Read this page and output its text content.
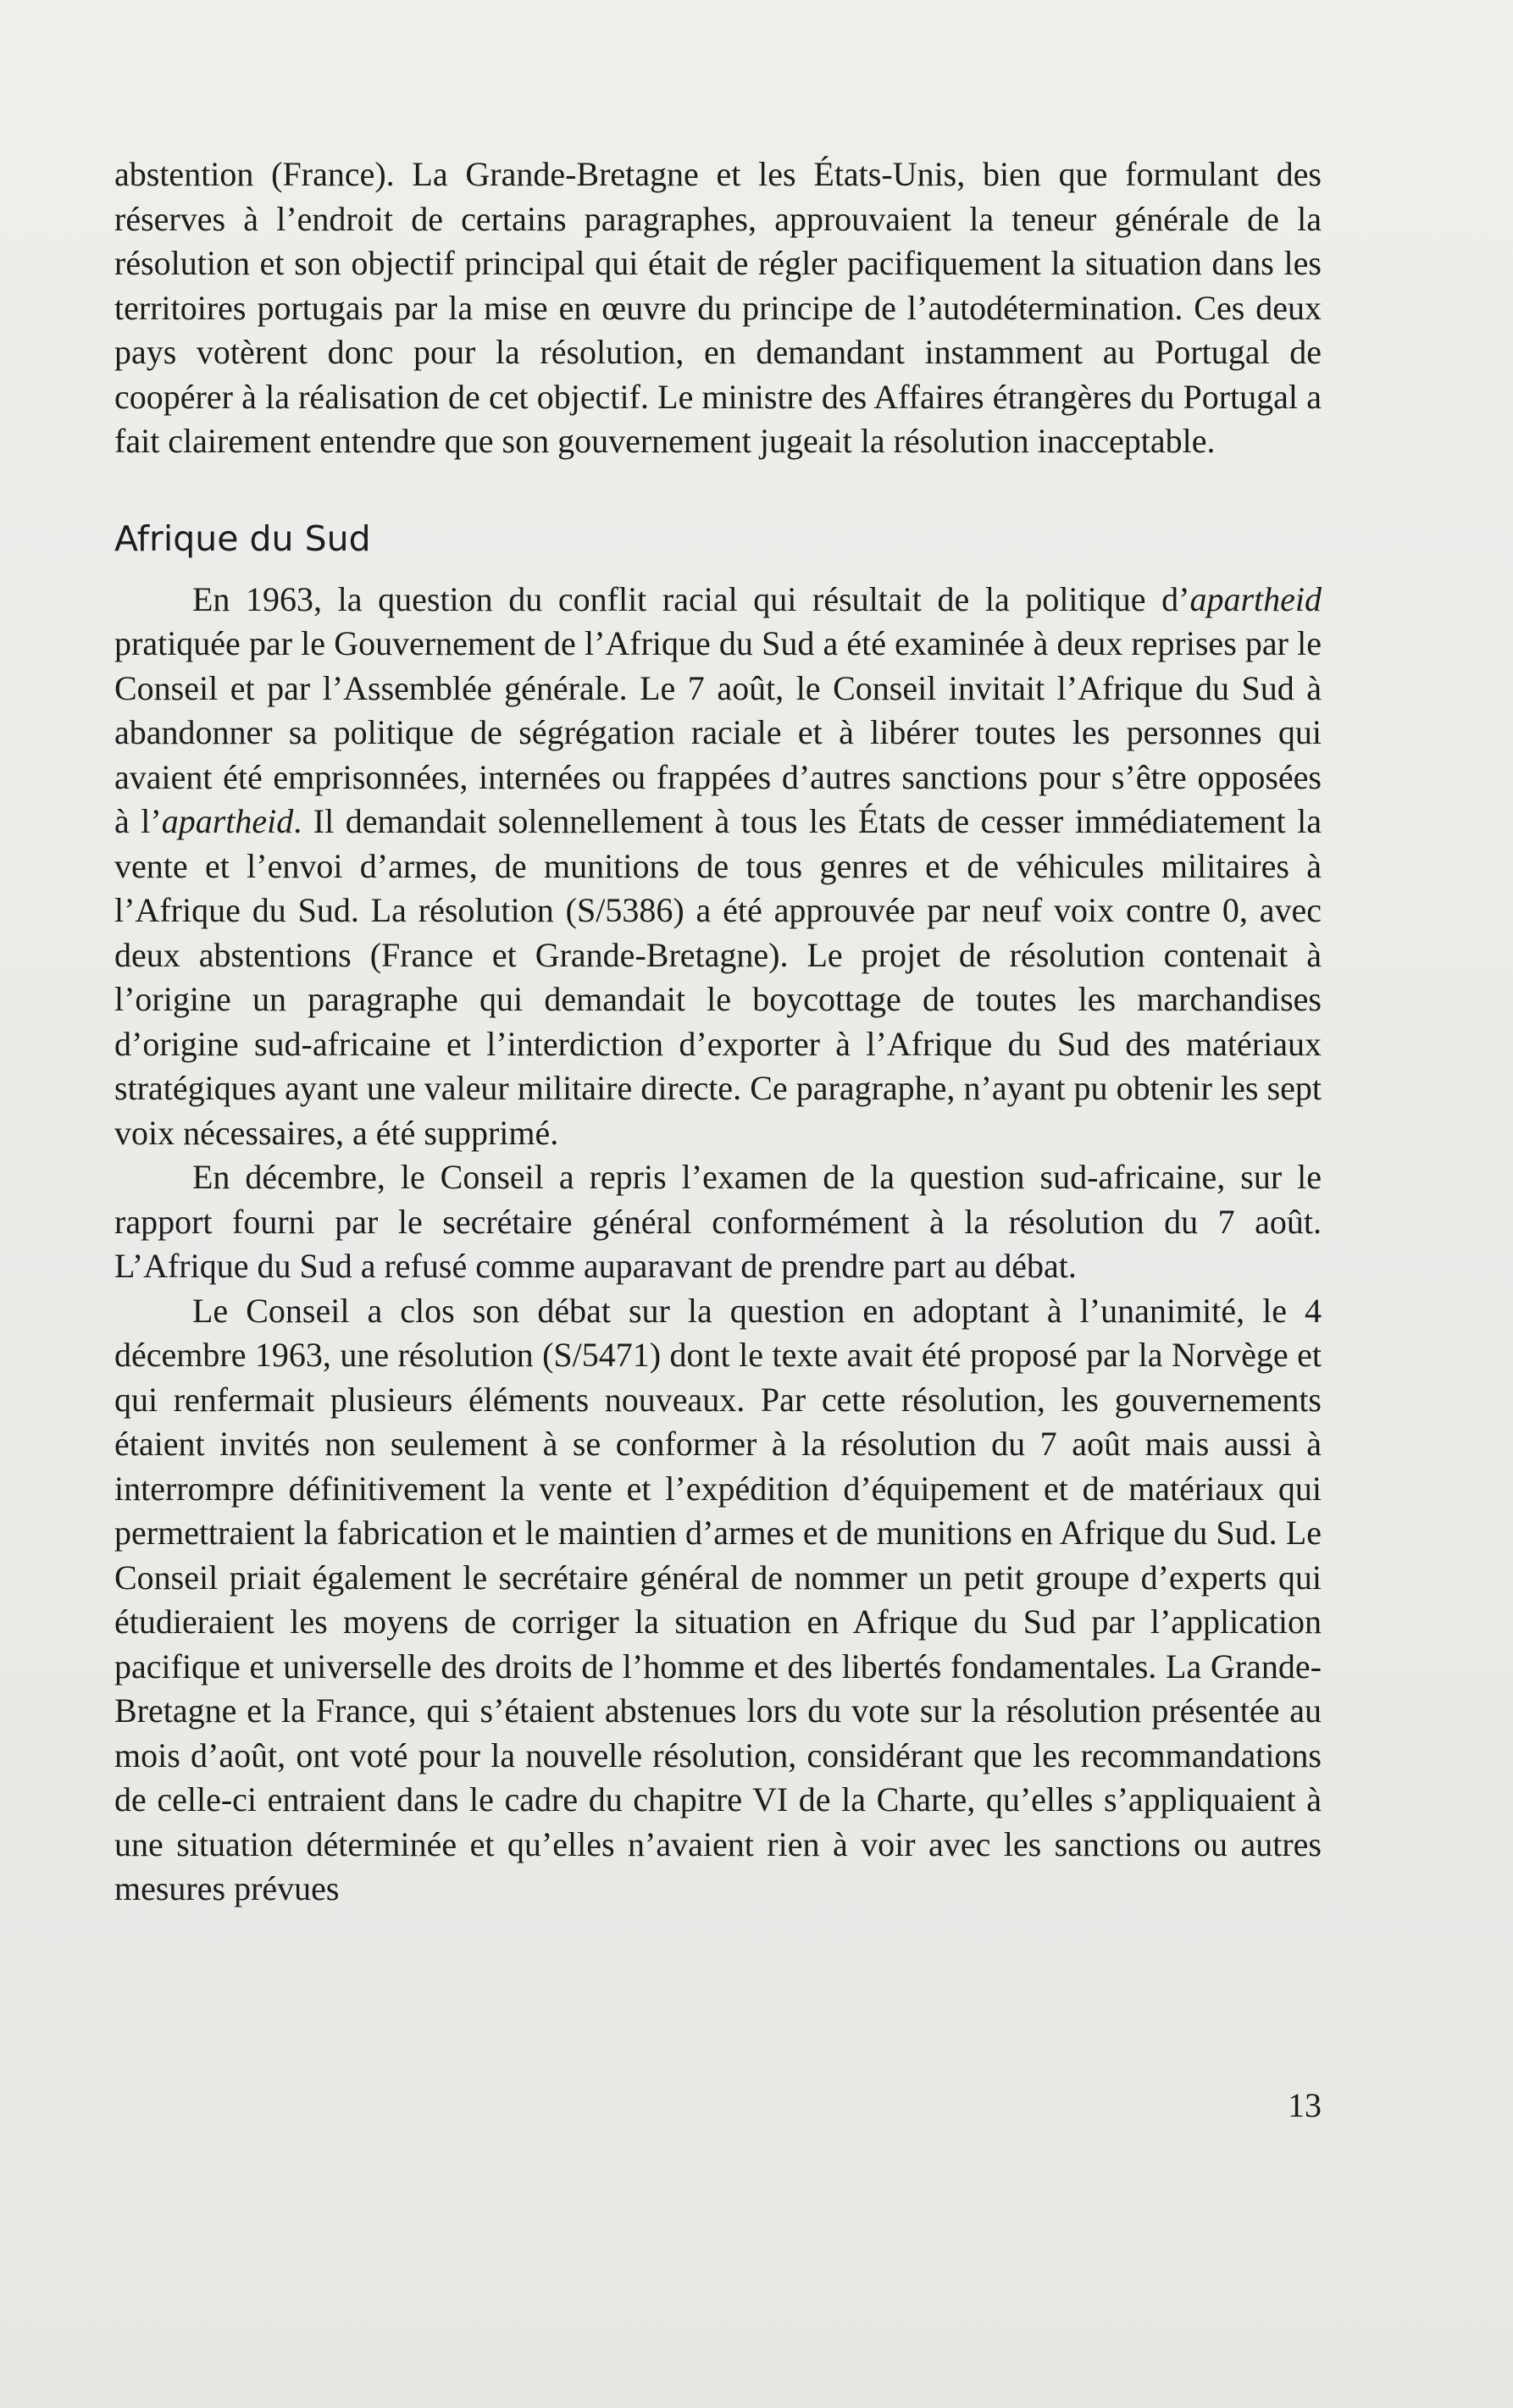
abstention (France). La Grande-Bretagne et les États-Unis, bien que formulant des réserves à l’endroit de certains paragraphes, approuvaient la teneur générale de la résolution et son objectif principal qui était de régler pacifiquement la situation dans les territoires portugais par la mise en œuvre du principe de l’autodétermination. Ces deux pays votèrent donc pour la résolution, en demandant instamment au Portugal de coopérer à la réalisation de cet objectif. Le ministre des Affaires étrangères du Portugal a fait clairement entendre que son gouvernement jugeait la résolution inacceptable.

Afrique du Sud

En 1963, la question du conflit racial qui résultait de la politique d’apartheid pratiquée par le Gouvernement de l’Afrique du Sud a été examinée à deux reprises par le Conseil et par l’Assemblée générale. Le 7 août, le Conseil invitait l’Afrique du Sud à abandonner sa politique de ségrégation raciale et à libérer toutes les personnes qui avaient été emprisonnées, internées ou frappées d’autres sanctions pour s’être opposées à l’apartheid. Il demandait solennellement à tous les États de cesser immédiatement la vente et l’envoi d’armes, de munitions de tous genres et de véhicules militaires à l’Afrique du Sud. La résolution (S/5386) a été approuvée par neuf voix contre 0, avec deux abstentions (France et Grande-Bretagne). Le projet de résolution contenait à l’origine un paragraphe qui demandait le boycottage de toutes les marchandises d’origine sud-africaine et l’interdiction d’exporter à l’Afrique du Sud des matériaux stratégiques ayant une valeur militaire directe. Ce paragraphe, n’ayant pu obtenir les sept voix nécessaires, a été supprimé.

En décembre, le Conseil a repris l’examen de la question sud-africaine, sur le rapport fourni par le secrétaire général conformément à la résolution du 7 août. L’Afrique du Sud a refusé comme auparavant de prendre part au débat.

Le Conseil a clos son débat sur la question en adoptant à l’unanimité, le 4 décembre 1963, une résolution (S/5471) dont le texte avait été proposé par la Norvège et qui renfermait plusieurs éléments nouveaux. Par cette résolution, les gouvernements étaient invités non seulement à se conformer à la résolution du 7 août mais aussi à interrompre définitivement la vente et l’expédition d’équipement et de matériaux qui permettraient la fabrication et le maintien d’armes et de munitions en Afrique du Sud. Le Conseil priait également le secrétaire général de nommer un petit groupe d’experts qui étudieraient les moyens de corriger la situation en Afrique du Sud par l’application pacifique et universelle des droits de l’homme et des libertés fondamentales. La Grande-Bretagne et la France, qui s’étaient abstenues lors du vote sur la résolution présentée au mois d’août, ont voté pour la nouvelle résolution, considérant que les recommandations de celle-ci entraient dans le cadre du chapitre VI de la Charte, qu’elles s’appliquaient à une situation déterminée et qu’elles n’avaient rien à voir avec les sanctions ou autres mesures prévues

13
